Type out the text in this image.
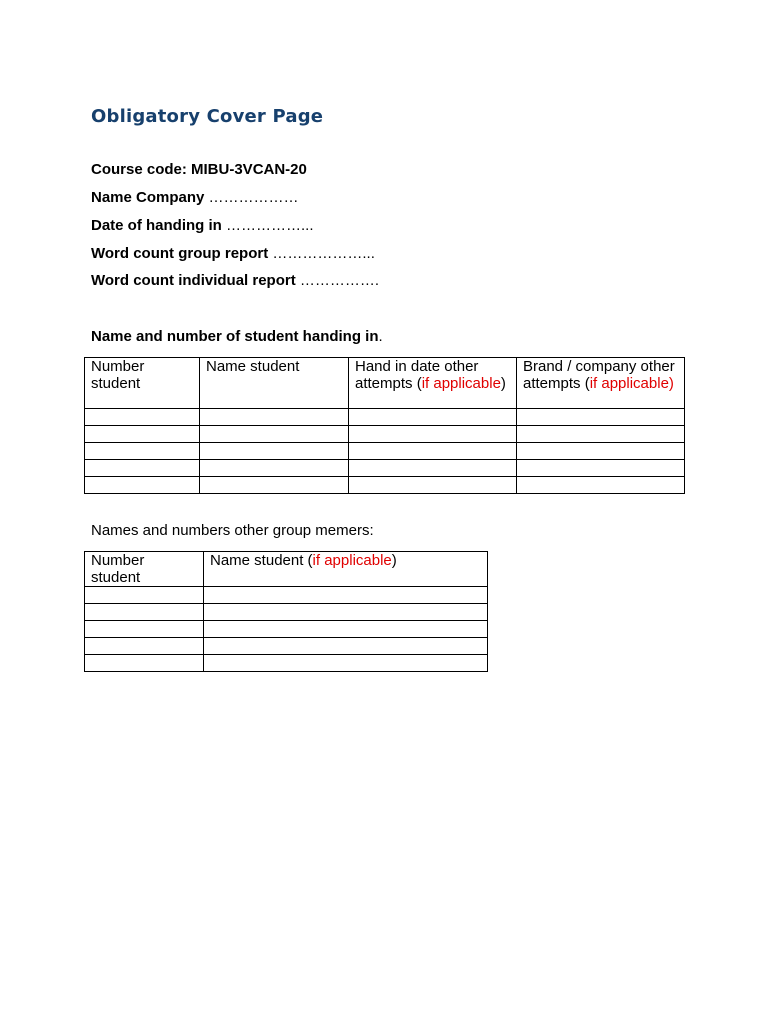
Obligatory Cover Page

Course code: MIBU-3VCAN-20

Name Company ………………

Date of handing in ……………...

Word count group report ………………...

Word count individual report …………….

Name and number of student handing in.

Number student	Name student	Hand in date other attempts (if applicable)	Brand / company other attempts (if applicable)

Names and numbers other group memers:

Number student	Name student (if applicable)
